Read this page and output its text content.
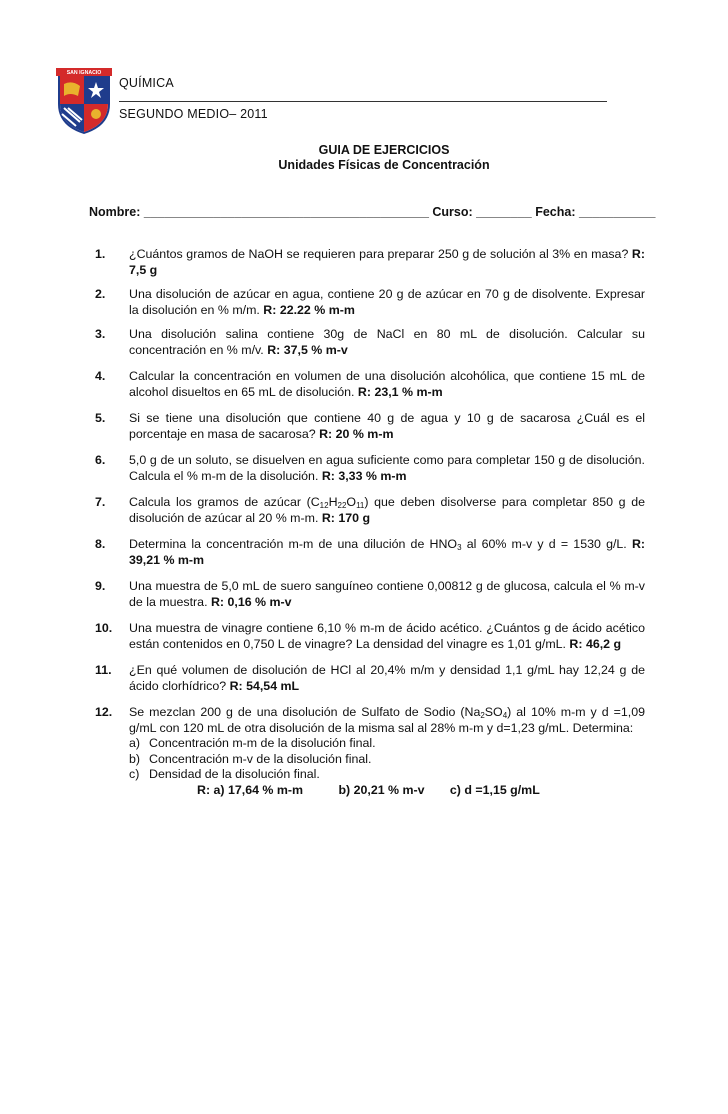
SAN IGNACIO
QUÍMICA
SEGUNDO MEDIO– 2011
GUIA DE EJERCICIOS
Unidades Físicas de Concentración
Nombre: _________________________________________ Curso: ________ Fecha: ___________
1.	¿Cuántos gramos de NaOH se requieren para preparar 250 g de solución al 3% en masa? R: 7,5 g
2.	Una disolución de azúcar en agua, contiene 20 g de azúcar en 70 g de disolvente. Expresar la disolución en % m/m. R: 22.22 % m-m
3.	Una disolución salina contiene 30g de NaCl en 80 mL de disolución. Calcular su concentración en % m/v. R: 37,5 % m-v
4.	Calcular la concentración en volumen de una disolución alcohólica, que contiene 15 mL de alcohol disueltos en 65 mL de disolución. R: 23,1 % m-m
5.	Si se tiene una disolución que contiene 40 g de agua y 10 g de sacarosa ¿Cuál es el porcentaje en masa de sacarosa? R: 20 % m-m
6.	5,0 g de un soluto, se disuelven en agua suficiente como para completar 150 g de disolución. Calcula el % m-m de la disolución. R: 3,33 % m-m
7.	Calcula los gramos de azúcar $(C_{12}H_{22}O_{11})$ que deben disolverse para completar 850 g de disolución de azúcar al 20 % m-m. R: 170 g
8.	Determina la concentración m-m de una dilución de $HNO_3$ al 60% m-v y d = 1530 g/L. R: 39,21 % m-m
9.	Una muestra de 5,0 mL de suero sanguíneo contiene 0,00812 g de glucosa, calcula el % m-v de la muestra. R: 0,16 % m-v
10.	Una muestra de vinagre contiene 6,10 % m-m de ácido acético. ¿Cuántos g de ácido acético están contenidos en 0,750 L de vinagre? La densidad del vinagre es 1,01 g/mL. R: 46,2 g
11.	¿En qué volumen de disolución de HCl al 20,4% m/m y densidad 1,1 g/mL hay 12,24 g de ácido clorhídrico? R: 54,54 mL
12.	Se mezclan 200 g de una disolución de Sulfato de Sodio $(Na_2SO_4)$ al 10% m-m y d =1,09 g/mL con 120 mL de otra disolución de la misma sal al 28% m-m y d=1,23 g/mL. Determina:
a) Concentración m-m de la disolución final.
b) Concentración m-v de la disolución final.
c) Densidad de la disolución final.
R: a) 17,64 % m-m	b) 20,21 % m-v c) d =1,15 g/mL
